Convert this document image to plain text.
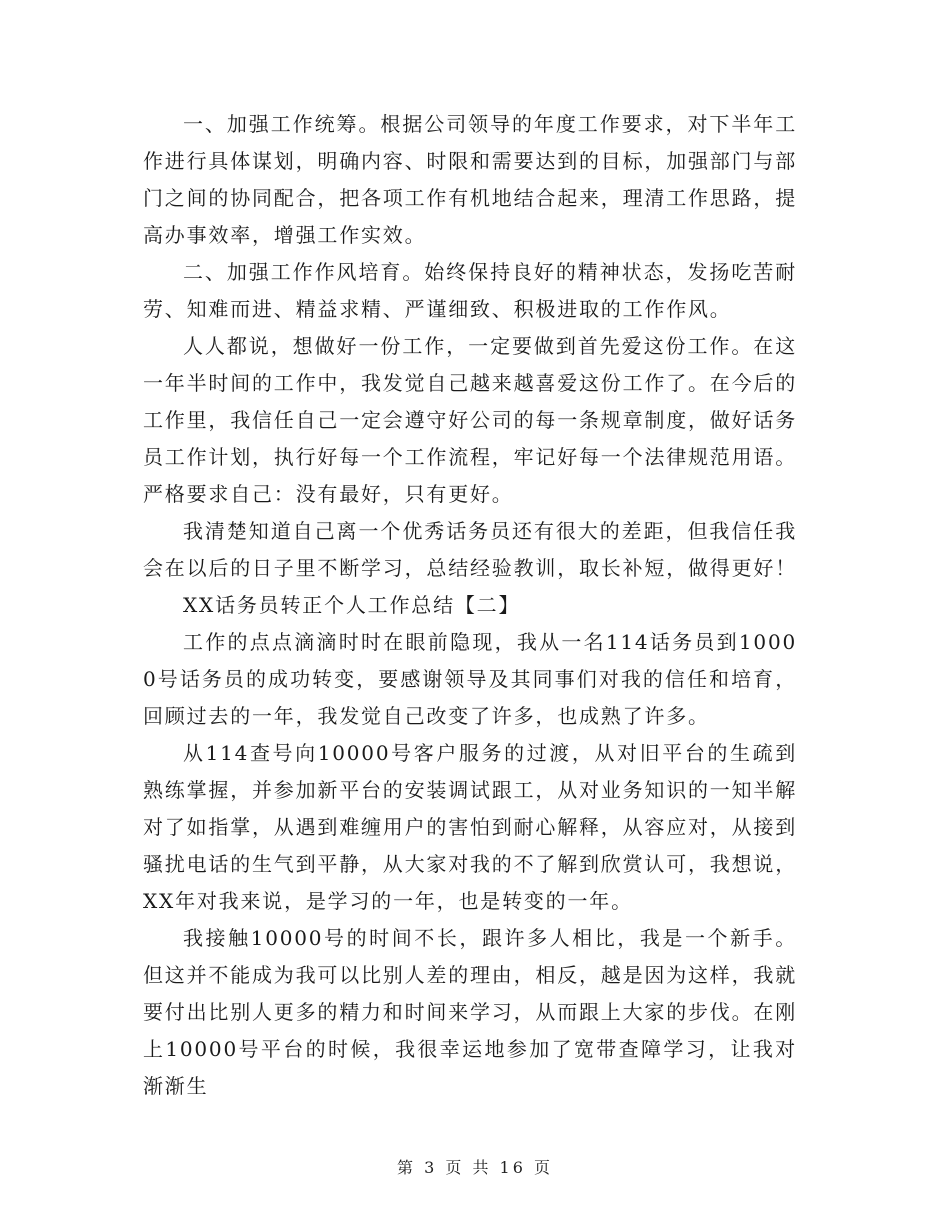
一、加强工作统筹。根据公司领导的年度工作要求，对下半年工作进行具体谋划，明确内容、时限和需要达到的目标，加强部门与部门之间的协同配合，把各项工作有机地结合起来，理清工作思路，提高办事效率，增强工作实效。

二、加强工作作风培育。始终保持良好的精神状态，发扬吃苦耐劳、知难而进、精益求精、严谨细致、积极进取的工作作风。

人人都说，想做好一份工作，一定要做到首先爱这份工作。在这一年半时间的工作中，我发觉自己越来越喜爱这份工作了。在今后的工作里，我信任自己一定会遵守好公司的每一条规章制度，做好话务员工作计划，执行好每一个工作流程，牢记好每一个法律规范用语。严格要求自己：没有最好，只有更好。

我清楚知道自己离一个优秀话务员还有很大的差距，但我信任我会在以后的日子里不断学习，总结经验教训，取长补短，做得更好！

XX话务员转正个人工作总结【二】

工作的点点滴滴时时在眼前隐现，我从一名114话务员到10000号话务员的成功转变，要感谢领导及其同事们对我的信任和培育，回顾过去的一年，我发觉自己改变了许多，也成熟了许多。

从114查号向10000号客户服务的过渡，从对旧平台的生疏到熟练掌握，并参加新平台的安装调试跟工，从对业务知识的一知半解对了如指掌，从遇到难缠用户的害怕到耐心解释，从容应对，从接到骚扰电话的生气到平静，从大家对我的不了解到欣赏认可，我想说，XX年对我来说，是学习的一年，也是转变的一年。

我接触10000号的时间不长，跟许多人相比，我是一个新手。但这并不能成为我可以比别人差的理由，相反，越是因为这样，我就要付出比别人更多的精力和时间来学习，从而跟上大家的步伐。在刚上10000号平台的时候，我很幸运地参加了宽带查障学习，让我对渐渐生

第 3 页 共 16 页
